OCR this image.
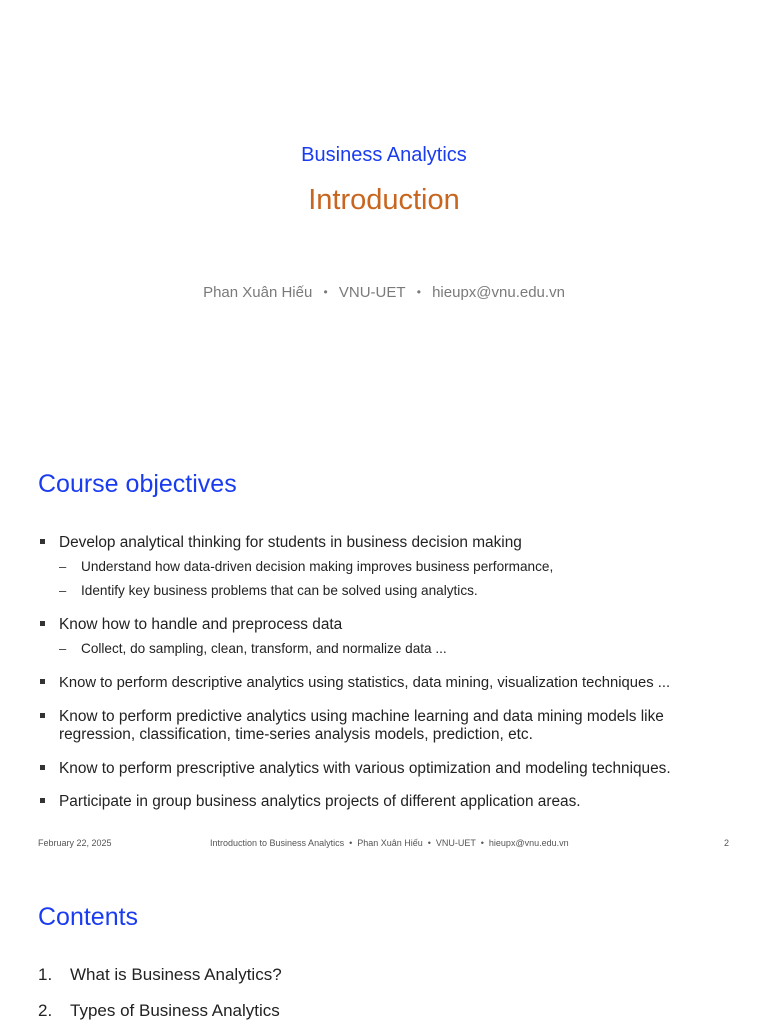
Business Analytics
Introduction
Phan Xuân Hiếu • VNU-UET • hieupx@vnu.edu.vn
Course objectives
Develop analytical thinking for students in business decision making
– Understand how data-driven decision making improves business performance,
– Identify key business problems that can be solved using analytics.
Know how to handle and preprocess data
– Collect, do sampling, clean, transform, and normalize data ...
Know to perform descriptive analytics using statistics, data mining, visualization techniques ...
Know to perform predictive analytics using machine learning and data mining models like regression, classification, time-series analysis models, prediction, etc.
Know to perform prescriptive analytics with various optimization and modeling techniques.
Participate in group business analytics projects of different application areas.
February 22, 2025	Introduction to Business Analytics  •  Phan Xuân Hiếu  •  VNU-UET  •  hieupx@vnu.edu.vn	2
Contents
1. What is Business Analytics?
2. Types of Business Analytics
